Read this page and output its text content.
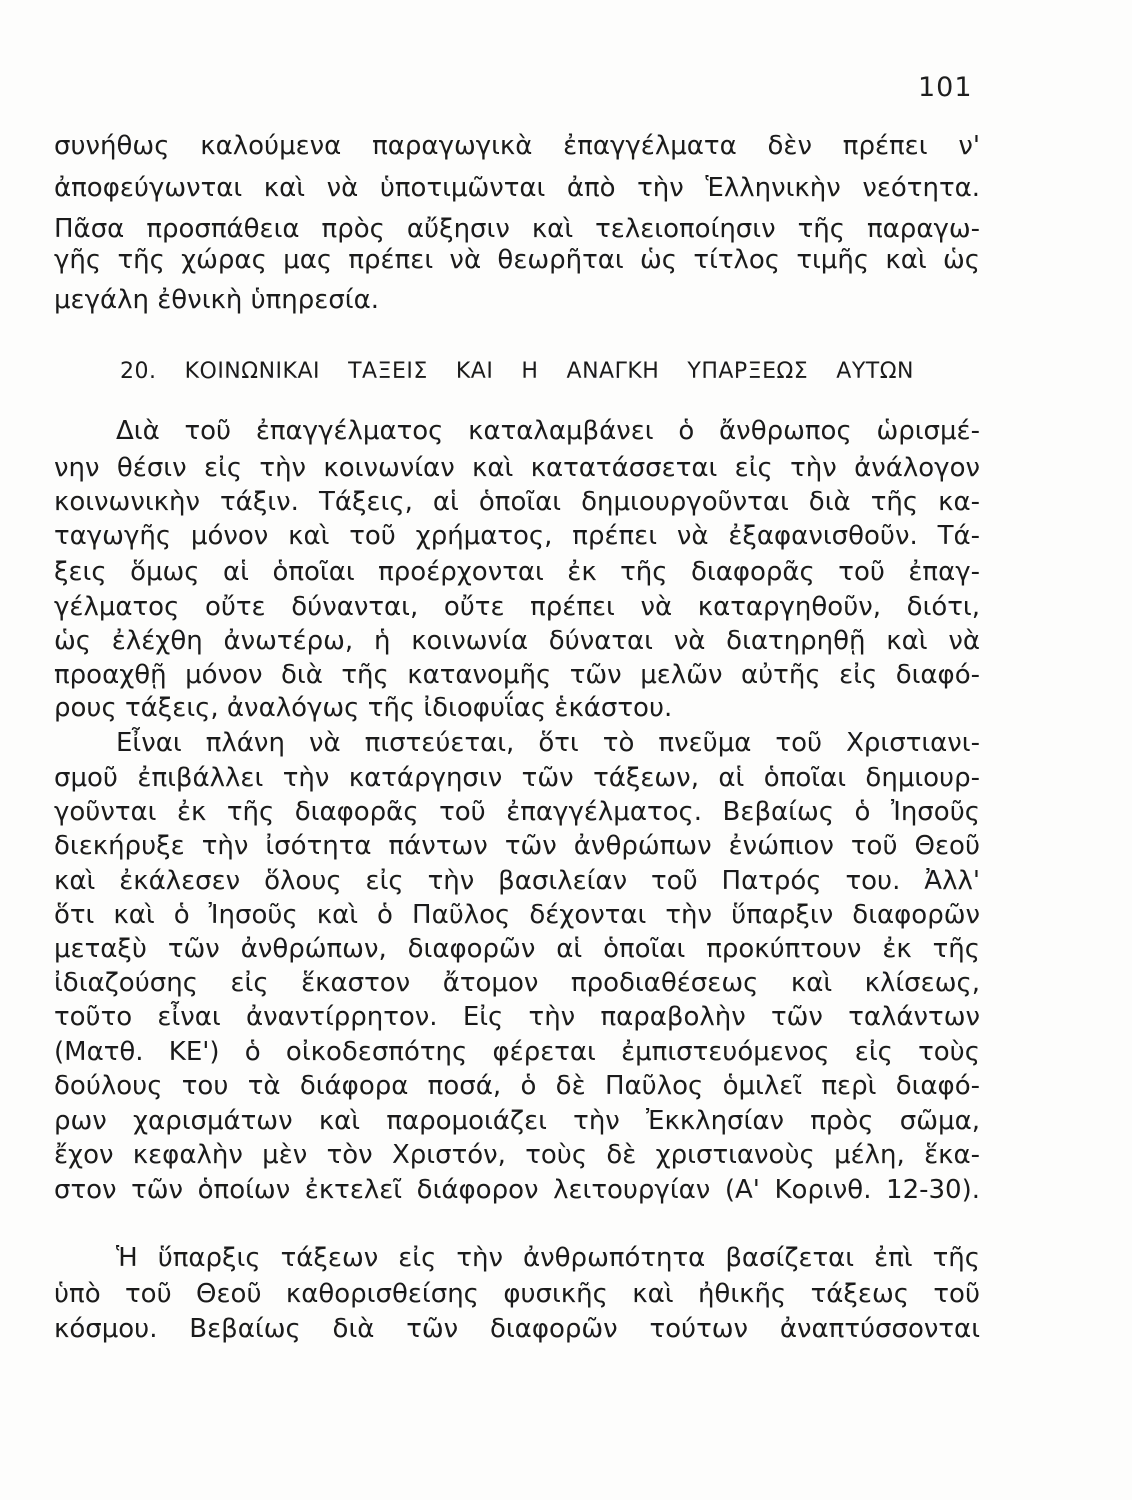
101
συνήθως καλούμενα παραγωγικὰ ἐπαγγέλματα δὲν πρέπει ν'
ἀποφεύγωνται καὶ νὰ ὑποτιμῶνται ἀπὸ τὴν Ἑλληνικὴν νεότητα.
Πᾶσα προσπάθεια πρὸς αὔξησιν καὶ τελειοποίησιν τῆς παραγω-
γῆς τῆς χώρας μας πρέπει νὰ θεωρῆται ὡς τίτλος τιμῆς καὶ ὡς
μεγάλη ἐθνικὴ ὑπηρεσία.
20. ΚΟΙΝΩΝΙΚΑΙ ΤΑΞΕΙΣ ΚΑΙ Η ΑΝΑΓΚΗ ΥΠΑΡΞΕΩΣ ΑΥΤΩΝ
Διὰ τοῦ ἐπαγγέλματος καταλαμβάνει ὁ ἄνθρωπος ὡρισμέ-
νην θέσιν εἰς τὴν κοινωνίαν καὶ κατατάσσεται εἰς τὴν ἀνάλογον
κοινωνικὴν τάξιν. Τάξεις, αἱ ὁποῖαι δημιουργοῦνται διὰ τῆς κα-
ταγωγῆς μόνον καὶ τοῦ χρήματος, πρέπει νὰ ἐξαφανισθοῦν. Τά-
ξεις ὅμως αἱ ὁποῖαι προέρχονται ἐκ τῆς διαφορᾶς τοῦ ἐπαγ-
γέλματος οὔτε δύνανται, οὔτε πρέπει νὰ καταργηθοῦν, διότι,
ὡς ἐλέχθη ἀνωτέρω, ἡ κοινωνία δύναται νὰ διατηρηθῇ καὶ νὰ
προαχθῇ μόνον διὰ τῆς κατανομῆς τῶν μελῶν αὐτῆς εἰς διαφό-
ρους τάξεις, ἀναλόγως τῆς ἰδιοφυΐας ἑκάστου.
Εἶναι πλάνη νὰ πιστεύεται, ὅτι τὸ πνεῦμα τοῦ Χριστιανι-
σμοῦ ἐπιβάλλει τὴν κατάργησιν τῶν τάξεων, αἱ ὁποῖαι δημιουρ-
γοῦνται ἐκ τῆς διαφορᾶς τοῦ ἐπαγγέλματος. Βεβαίως ὁ Ἰησοῦς
διεκήρυξε τὴν ἰσότητα πάντων τῶν ἀνθρώπων ἐνώπιον τοῦ Θεοῦ
καὶ ἐκάλεσεν ὅλους εἰς τὴν βασιλείαν τοῦ Πατρός του. Ἀλλ'
ὅτι καὶ ὁ Ἰησοῦς καὶ ὁ Παῦλος δέχονται τὴν ὕπαρξιν διαφορῶν
μεταξὺ τῶν ἀνθρώπων, διαφορῶν αἱ ὁποῖαι προκύπτουν ἐκ τῆς
ἰδιαζούσης εἰς ἕκαστον ἄτομον προδιαθέσεως καὶ κλίσεως,
τοῦτο εἶναι ἀναντίρρητον. Εἰς τὴν παραβολὴν τῶν ταλάντων
(Ματθ. ΚΕ') ὁ οἰκοδεσπότης φέρεται ἐμπιστευόμενος εἰς τοὺς
δούλους του τὰ διάφορα ποσά, ὁ δὲ Παῦλος ὁμιλεῖ περὶ διαφό-
ρων χαρισμάτων καὶ παρομοιάζει τὴν Ἐκκλησίαν πρὸς σῶμα,
ἔχον κεφαλὴν μὲν τὸν Χριστόν, τοὺς δὲ χριστιανοὺς μέλη, ἕκα-
στον τῶν ὁποίων ἐκτελεῖ διάφορον λειτουργίαν (Α' Κορινθ. 12-30).
Ἡ ὕπαρξις τάξεων εἰς τὴν ἀνθρωπότητα βασίζεται ἐπὶ τῆς
ὑπὸ τοῦ Θεοῦ καθορισθείσης φυσικῆς καὶ ἠθικῆς τάξεως τοῦ
κόσμου. Βεβαίως διὰ τῶν διαφορῶν τούτων ἀναπτύσσονται
